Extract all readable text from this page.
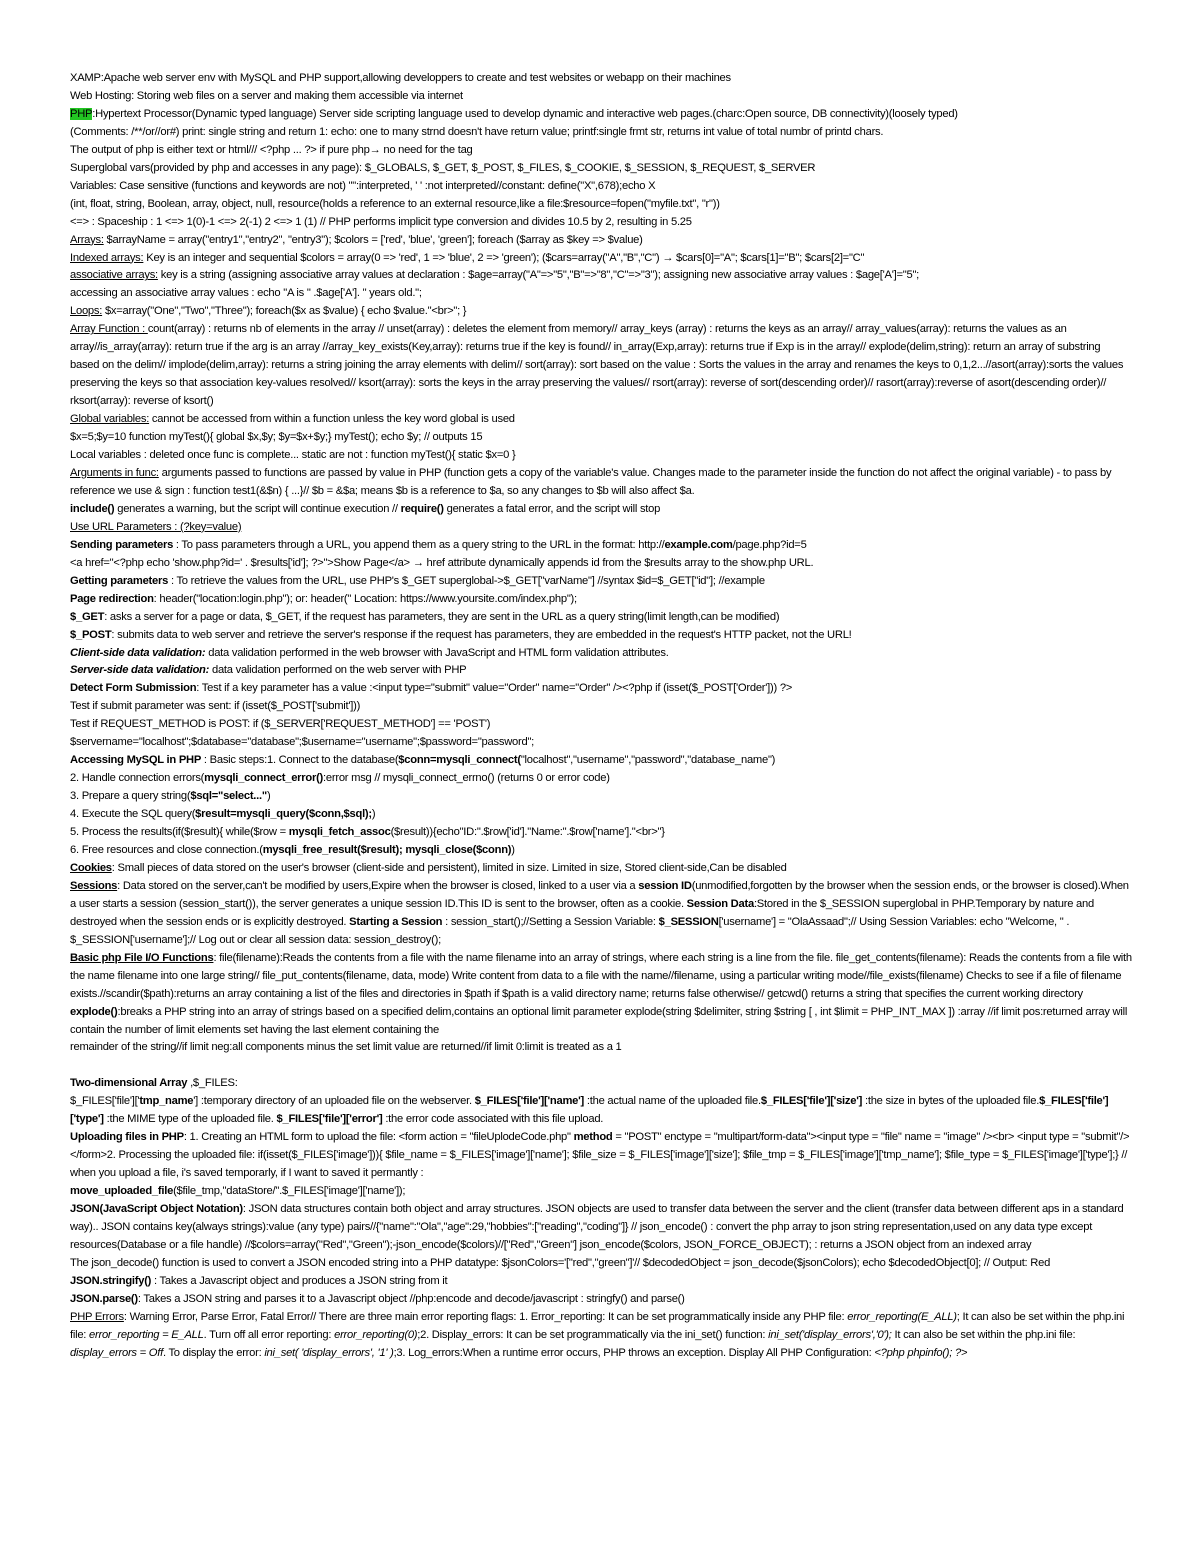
XAMP:Apache web server env with MySQL and PHP support,allowing developpers to create and test websites or webapp on their machines
Web Hosting: Storing web files on a server and making them accessible via internet
PHP:Hypertext Processor(Dynamic typed language) Server side scripting language used to develop dynamic and interactive web pages.(charc:Open source, DB connectivity)(loosely typed)
(Comments: /**/or//or#) print: single string and return 1: echo: one to many strnd doesn't have return value; printf:single frmt str, returns int value of total numbr of printd chars.
The output of php is either text or html/// <?php ... ?> if pure php→ no need for the tag
Superglobal vars(provided by php and accesses in any page): $_GLOBALS, $_GET, $_POST, $_FILES, $_COOKIE, $_SESSION, $_REQUEST, $_SERVER
Variables: Case sensitive (functions and keywords are not) "":interpreted, ' ' :not interpreted//constant: define("X",678);echo X
(int, float, string, Boolean, array, object, null, resource(holds a reference to an external resource,like a file:$resource=fopen("myfile.txt", "r"))
<=> : Spaceship : 1 <=> 1(0)-1 <=> 2(-1) 2 <=> 1 (1) // PHP performs implicit type conversion and divides 10.5 by 2, resulting in 5.25
Arrays: $arrayName = array("entry1","entry2", "entry3"); $colors = ['red', 'blue', 'green']; foreach ($array as $key => $value)
Indexed arrays: Key is an integer and sequential $colors = array(0 => 'red', 1 => 'blue', 2 => 'green'); ($cars=array("A","B","C") → $cars[0]="A"; $cars[1]="B"; $cars[2]="C"
associative arrays: key is a string (assigning associative array values at declaration : $age=array("A"=>"5","B"=>"8","C"=>"3"); assigning new associative array values : $age['A']="5";
accessing an associative array values : echo "A is " .$age['A']. " years old.";
Loops: $x=array("One","Two","Three"); foreach($x as $value) { echo $value."<br>"; }
Array Function : count(array) : returns nb of elements in the array // unset(array) : deletes the element from memory// array_keys (array) : returns the keys as an array// array_values(array): returns the values as an array//is_array(array): return true if the arg is an array //array_key_exists(Key,array): returns true if the key is found// in_array(Exp,array): returns true if Exp is in the array// explode(delim,string): return an array of substring based on the delim// implode(delim,array): returns a string joining the array elements with delim// sort(array): sort based on the value : Sorts the values in the array and renames the keys to 0,1,2...//asort(array):sorts the values preserving the keys so that association key-values resolved// ksort(array): sorts the keys in the array preserving the values// rsort(array): reverse of sort(descending order)// rasort(array):reverse of asort(descending order)// rksort(array): reverse of ksort()
Global variables: cannot be accessed from within a function unless the key word global is used
$x=5;$y=10 function myTest(){ global $x,$y; $y=$x+$y;} myTest(); echo $y; // outputs 15
Local variables : deleted once func is complete... static are not : function myTest(){ static $x=0 }
Arguments in func: arguments passed to functions are passed by value in PHP (function gets a copy of the variable's value. Changes made to the parameter inside the function do not affect the original variable) - to pass by reference we use & sign : function test1(&$n) { ...}// $b = &$a; means $b is a reference to $a, so any changes to $b will also affect $a.
include() generates a warning, but the script will continue execution // require() generates a fatal error, and the script will stop
Use URL Parameters : (?key=value)
Sending parameters : To pass parameters through a URL, you append them as a query string to the URL in the format: http://example.com/page.php?id=5
<a href="<?php echo 'show.php?id=' . $results['id']; ?>">Show Page</a> → href attribute dynamically appends id from the $results array to the show.php URL.
Getting parameters : To retrieve the values from the URL, use PHP's $_GET superglobal->$_GET["varName"] //syntax $id=$_GET["id"]; //example
Page redirection: header("location:login.php"); or: header(" Location: https://www.yoursite.com/index.php");
$_GET: asks a server for a page or data, $_GET, if the request has parameters, they are sent in the URL as a query string(limit length,can be modified)
$_POST: submits data to web server and retrieve the server's response if the request has parameters, they are embedded in the request's HTTP packet, not the URL!
Client-side data validation: data validation performed in the web browser with JavaScript and HTML form validation attributes.
Server-side data validation: data validation performed on the web server with PHP
Detect Form Submission: Test if a key parameter has a value :<input type="submit" value="Order" name="Order" /><?php if (isset($_POST['Order'])) ?>
Test if submit parameter was sent: if (isset($_POST['submit']))
Test if REQUEST_METHOD is POST: if ($_SERVER['REQUEST_METHOD'] == 'POST')
$servername="localhost";$database="database";$username="username";$password="password";
Accessing MySQL in PHP : Basic steps:1. Connect to the database($conn=mysqli_connect("localhost","username","password","database_name")
2. Handle connection errors(mysqli_connect_error():error msg // mysqli_connect_errno() (returns 0 or error code)
3. Prepare a query string($sql="select...")
4. Execute the SQL query($result=mysqli_query($conn,$sql);)
5. Process the results(if($result){ while($row = mysqli_fetch_assoc($result)){echo"ID:".$row['id']."Name:".$row['name']."<br>"}
6. Free resources and close connection.(mysqli_free_result($result); mysqli_close($conn))
Cookies: Small pieces of data stored on the user's browser (client-side and persistent), limited in size. Limited in size, Stored client-side,Can be disabled
Sessions: Data stored on the server,can't be modified by users,Expire when the browser is closed, linked to a user via a session ID(unmodified,forgotten by the browser when the session ends, or the browser is closed).When a user starts a session (session_start()), the server generates a unique session ID.This ID is sent to the browser, often as a cookie. Session Data:Stored in the $_SESSION superglobal in PHP.Temporary by nature and destroyed when the session ends or is explicitly destroyed. Starting a Session : session_start();//Setting a Session Variable: $_SESSION['username'] = "OlaAssaad";// Using Session Variables: echo "Welcome, " . $_SESSION['username'];// Log out or clear all session data: session_destroy();
Basic php File I/O Functions: file(filename):Reads the contents from a file with the name filename into an array of strings, where each string is a line from the file. file_get_contents(filename): Reads the contents from a file with the name filename into one large string// file_put_contents(filename, data, mode) Write content from data to a file with the name//filename, using a particular writing mode//file_exists(filename) Checks to see if a file of filename exists.//scandir($path):returns an array containing a list of the files and directories in $path if $path is a valid directory name; returns false otherwise// getcwd() returns a string that specifies the current working directory
explode():breaks a PHP string into an array of strings based on a specified delim,contains an optional limit parameter explode(string $delimiter, string $string [ , int $limit = PHP_INT_MAX ]) :array //if limit pos:returned array will contain the number of limit elements set having the last element containing the
remainder of the string//if limit neg:all components minus the set limit value are returned//if limit 0:limit is treated as a 1
Two-dimensional Array ,$_FILES:
$_FILES['file']['tmp_name'] :temporary directory of an uploaded file on the webserver. $_FILES['file']['name'] :the actual name of the uploaded file.$_FILES['file']['size'] :the size in bytes of the uploaded file.$_FILES['file']['type'] :the MIME type of the uploaded file. $_FILES['file']['error'] :the error code associated with this file upload.
Uploading files in PHP: 1. Creating an HTML form to upload the file: <form action = "fileUplodeCode.php" method = "POST" enctype = "multipart/form-data"><input type = "file" name = "image" /><br> <input type = "submit"/></form>2. Processing the uploaded file: if(isset($_FILES['image'])){ $file_name = $_FILES['image']['name']; $file_size = $_FILES['image']['size']; $file_tmp = $_FILES['image']['tmp_name']; $file_type = $_FILES['image']['type'];} // when you upload a file, i's saved temporarly, if I want to saved it permantly :
move_uploaded_file($file_tmp,"dataStore/".$_FILES['image']['name']);
JSON(JavaScript Object Notation): JSON data structures contain both object and array structures. JSON objects are used to transfer data between the server and the client (transfer data between different aps in a standard way).. JSON contains key(always strings):value (any type) pairs//{"name":"Ola","age":29,"hobbies":["reading","coding"]} // json_encode() : convert the php array to json string representation,used on any data type except resources(Database or a file handle) //$colors=array("Red","Green");-json_encode($colors)//["Red","Green"] json_encode($colors, JSON_FORCE_OBJECT); : returns a JSON object from an indexed array
The json_decode() function is used to convert a JSON encoded string into a PHP datatype: $jsonColors='["red","green"]'// $decodedObject = json_decode($jsonColors); echo $decodedObject[0]; // Output: Red
JSON.stringify() : Takes a Javascript object and produces a JSON string from it
JSON.parse(): Takes a JSON string and parses it to a Javascript object //php:encode and decode/javascript : stringfy() and parse()
PHP Errors: Warning Error, Parse Error, Fatal Error// There are three main error reporting flags: 1. Error_reporting: It can be set programmatically inside any PHP file: error_reporting(E_ALL); It can also be set within the php.ini file: error_reporting = E_ALL. Turn off all error reporting: error_reporting(0);2. Display_errors: It can be set programmatically via the ini_set() function: ini_set('display_errors','0'); It can also be set within the php.ini file: display_errors = Off. To display the error: ini_set( 'display_errors', '1' );3. Log_errors:When a runtime error occurs, PHP throws an exception. Display All PHP Configuration: <?php phpinfo(); ?>
